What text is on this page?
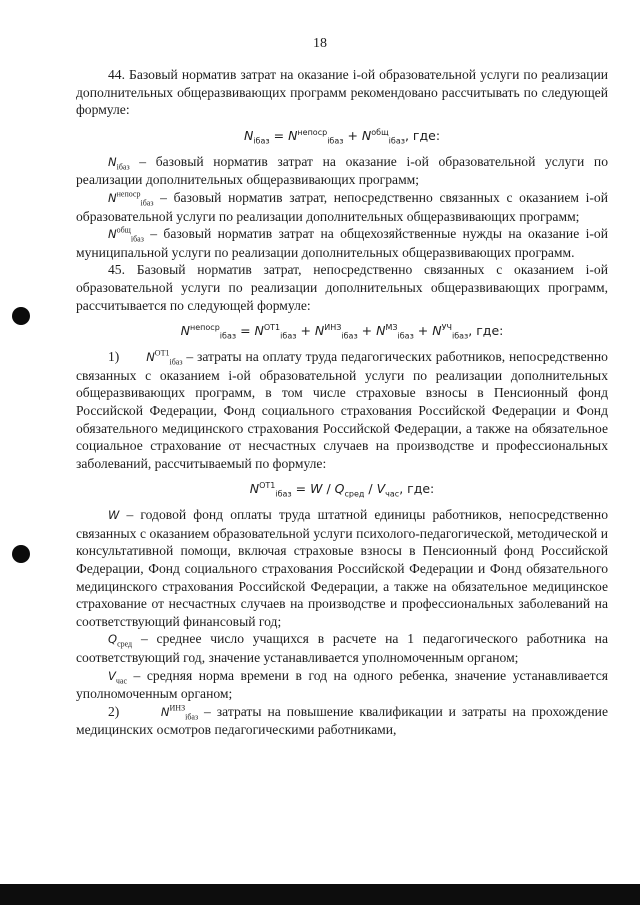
18

44. Базовый норматив затрат на оказание i-ой образовательной услуги по реализации дополнительных общеразвивающих программ рекомендовано рассчитывать по следующей формуле:

$N_{iбаз} = N^{непоср}_{iбаз} + N^{общ}_{iбаз}$, где:

$N_{iбаз}$ – базовый норматив затрат на оказание i-ой образовательной услуги по реализации дополнительных общеразвивающих программ;

$N^{непоср}_{iбаз}$ – базовый норматив затрат, непосредственно связанных с оказанием i-ой образовательной услуги по реализации дополнительных общеразвивающих программ;

$N^{общ}_{iбаз}$ – базовый норматив затрат на общехозяйственные нужды на оказание i-ой муниципальной услуги по реализации дополнительных общеразвивающих программ.

45. Базовый норматив затрат, непосредственно связанных с оказанием i-ой образовательной услуги по реализации дополнительных общеразвивающих программ, рассчитывается по следующей формуле:

$N^{непоср}_{iбаз} = N^{ОТ1}_{iбаз} + N^{ИНЗ}_{iбаз} + N^{МЗ}_{iбаз} + N^{УЧ}_{iбаз}$, где:

1) $N^{ОТ1}_{iбаз}$ – затраты на оплату труда педагогических работников, непосредственно связанных с оказанием i-ой образовательной услуги по реализации дополнительных общеразвивающих программ, в том числе страховые взносы в Пенсионный фонд Российской Федерации, Фонд социального страхования Российской Федерации и Фонд обязательного медицинского страхования Российской Федерации, а также на обязательное социальное страхование от несчастных случаев на производстве и профессиональных заболеваний, рассчитываемый по формуле:

$N^{ОТ1}_{iбаз} = W / Q_{сред} / V_{час}$, где:

W – годовой фонд оплаты труда штатной единицы работников, непосредственно связанных с оказанием образовательной услуги психолого-педагогической, методической и консультативной помощи, включая страховые взносы в Пенсионный фонд Российской Федерации, Фонд социального страхования Российской Федерации и Фонд обязательного медицинского страхования Российской Федерации, а также на обязательное медицинское страхование от несчастных случаев на производстве и профессиональных заболеваний на соответствующий финансовый год;

$Q_{сред}$ – среднее число учащихся в расчете на 1 педагогического работника на соответствующий год, значение устанавливается уполномоченным органом;

$V_{час}$ – средняя норма времени в год на одного ребенка, значение устанавливается уполномоченным органом;

2)	$N^{ИНЗ}_{iбаз}$ – затраты на повышение квалификации и затраты на прохождение медицинских осмотров педагогическими работниками,
